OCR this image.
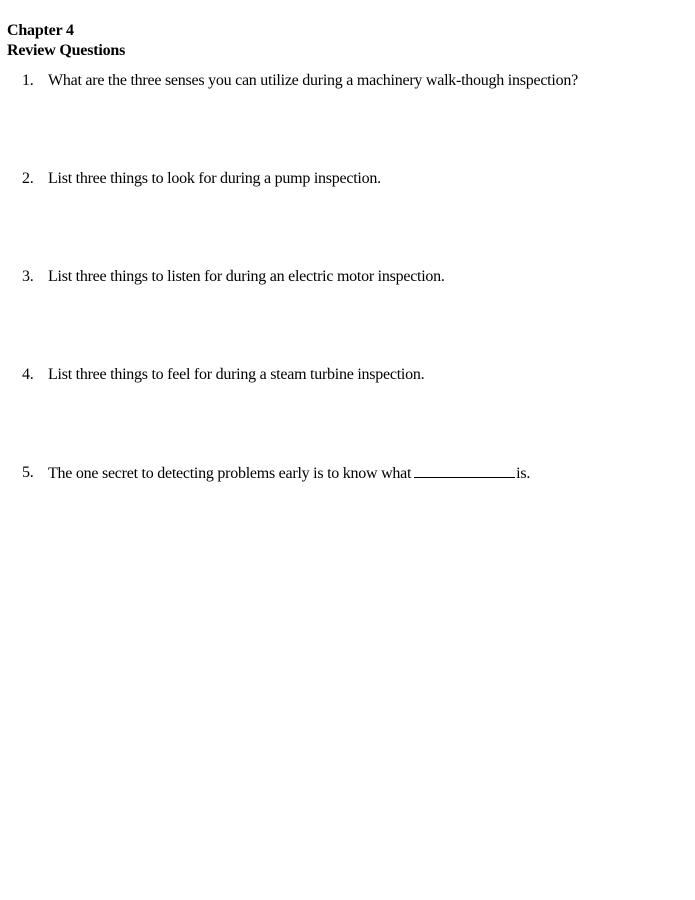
Chapter 4
Review Questions
1. What are the three senses you can utilize during a machinery walk-though inspection?
2. List three things to look for during a pump inspection.
3. List three things to listen for during an electric motor inspection.
4. List three things to feel for during a steam turbine inspection.
5. The one secret to detecting problems early is to know what	is.
